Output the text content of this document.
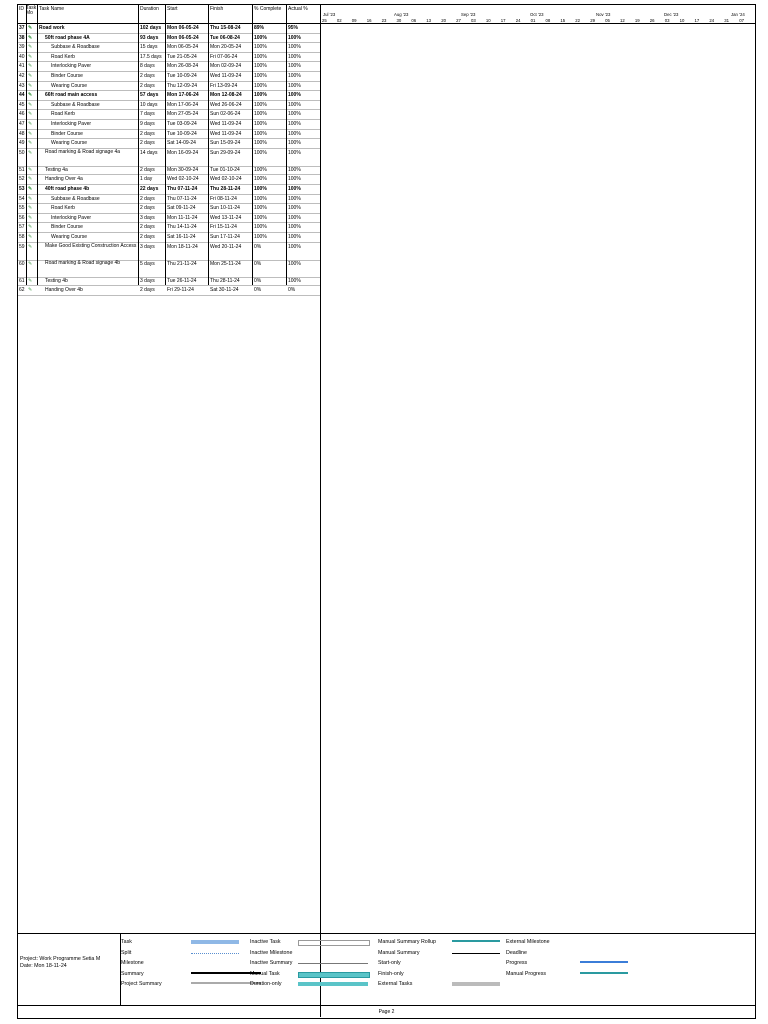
ID Task Mo
Task Name	Duration Start	Finish	% Complete Actual %
37 ✎	Road work	102 days	Mon 06-05-24	Thu 15-08-24	89%	95%
38 ✎	50ft road phase 4A	93 days	Mon 06-05-24	Tue 06-08-24	100%	100%
39 ✎	Subbase & Roadbase	15 days	Mon 06-05-24	Mon 20-05-24	100%	100%
40 ✎	Road Kerb	17.5 days	Tue 21-05-24	Fri 07-06-24	100%	100%
41 ✎	Interlocking Paver	8 days	Mon 26-08-24	Mon 02-09-24	100%	100%
42 ✎	Binder Course	2 days	Tue 10-09-24	Wed 11-09-24	100%	100%
43 ✎	Wearing Course	2 days	Thu 12-09-24	Fri 13-09-24	100%	100%
44 ✎	66ft road main access	57 days	Mon 17-06-24	Mon 12-08-24	100%	100%
45 ✎	Subbase & Roadbase	10 days	Mon 17-06-24	Wed 26-06-24	100%	100%
46 ✎	Road Kerb	7 days	Mon 27-05-24	Sun 02-06-24	100%	100%
47 ✎	Interlocking Paver	9 days	Tue 03-09-24	Wed 11-09-24	100%	100%
48 ✎	Binder Course	2 days	Tue 10-09-24	Wed 11-09-24	100%	100%
49 ✎	Wearing Course	2 days	Sat 14-09-24	Sun 15-09-24	100%	100%
50 ✎	Road marking & Road signage 4a	14 days	Mon 16-09-24	Sun 29-09-24	100%	100%
51 ✎	Testing 4a	2 days	Mon 30-09-24	Tue 01-10-24	100%	100%
52 ✎	Handing Over 4a	1 day	Wed 02-10-24	Wed 02-10-24	100%	100%
53 ✎	40ft road phase 4b	22 days	Thu 07-11-24	Thu 28-11-24	100%	100%
54 ✎	Subbase & Roadbase	2 days	Thu 07-11-24	Fri 08-11-24	100%	100%
55 ✎	Road Kerb	2 days	Sat 09-11-24	Sun 10-11-24	100%	100%
56 ✎	Interlocking Paver	3 days	Mon 11-11-24	Wed 13-11-24	100%	100%
57 ✎	Binder Course	2 days	Thu 14-11-24	Fri 15-11-24	100%	100%
58 ✎	Wearing Course	2 days	Sat 16-11-24	Sun 17-11-24	100%	100%
59 ✎	Make Good Existing Construction Access 3 days	Mon 18-11-24	Wed 20-11-24	0%	100%
60 ✎	Road marking & Road signage 4b	5 days	Thu 21-11-24	Mon 25-11-24	0%	100%
61 ✎	Testing 4b	3 days	Tue 26-11-24	Thu 28-11-24	0%	100%
62 ✎	Handing Over 4b	2 days	Fri 29-11-24	Sat 30-11-24	0%	0%
Jul '23	Aug '23	Sep '23	Oct '23	Nov '23	Dec '23	Jan '24
25 02 09 16 23 30 06 13 20 27 03 10 17 24 01 08 15 22 29 05 12 19 26 03 10 17 24 31 07
Project: Work Programme Setia M
Date: Mon 18-11-24
Task
Split
Milestone
Summary
Project Summary
Inactive Task
Inactive Milestone
Inactive Summary
Manual Task
Duration-only
Manual Summary Rollup
Manual Summary
Start-only
Finish-only
External Tasks
External Milestone
Deadline
Progress
Manual Progress
Page 2
